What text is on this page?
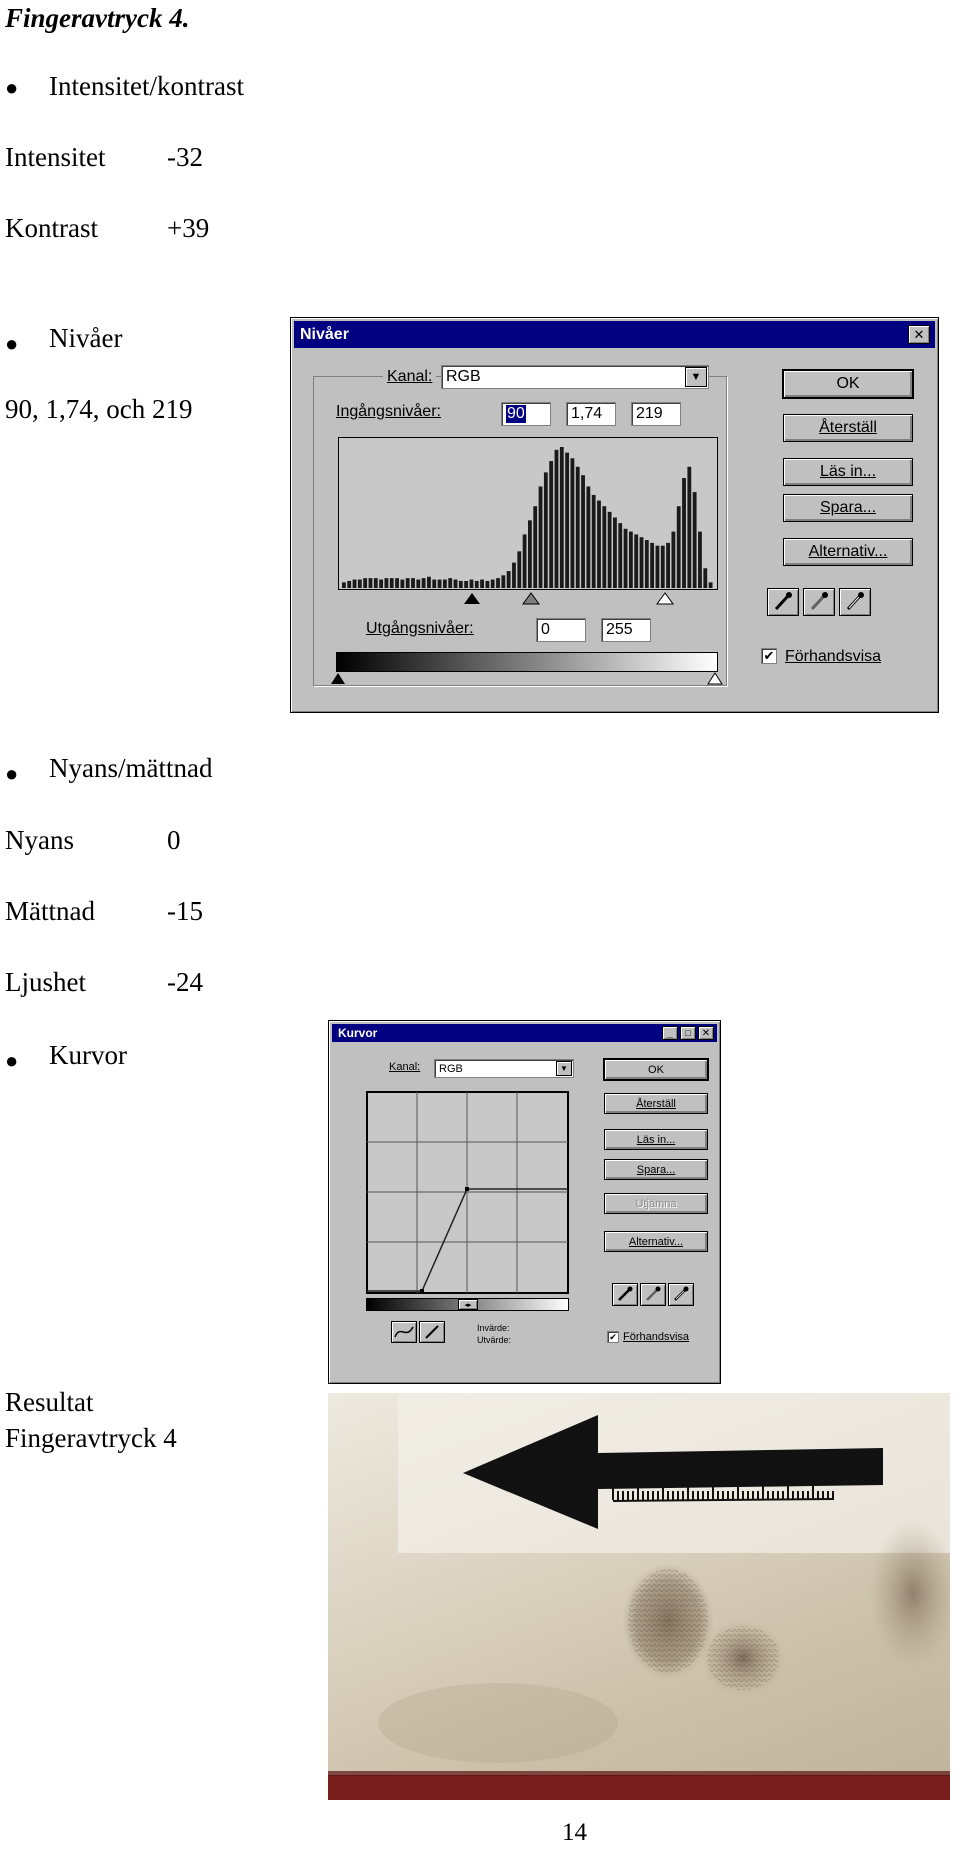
Fingeravtryck 4.
● Intensitet/kontrast
Intensitet -32
Kontrast	+39
● Nivåer
90, 1,74, och 219
● Nyans/mättnad
Nyans	0
Mättnad	-15
Ljushet	-24
● Kurvor
Resultat
Fingeravtryck 4
14
Nivåer	✕
Kanal: RGB	▼
Ingångsnivåer:	90	1,74 219
Utgångsnivåer:	0	255
OK
Återställ
Läs in...
Spara...
Alternativ...
✔ Förhandsvisa
Kurvor	_	□	✕
Kanal: RGB	▼
◂▸
Invärde:
Utvärde:
OK
Återställ
Läs in...
Spara...
Utjämna
Alternativ...
✔ Förhandsvisa
